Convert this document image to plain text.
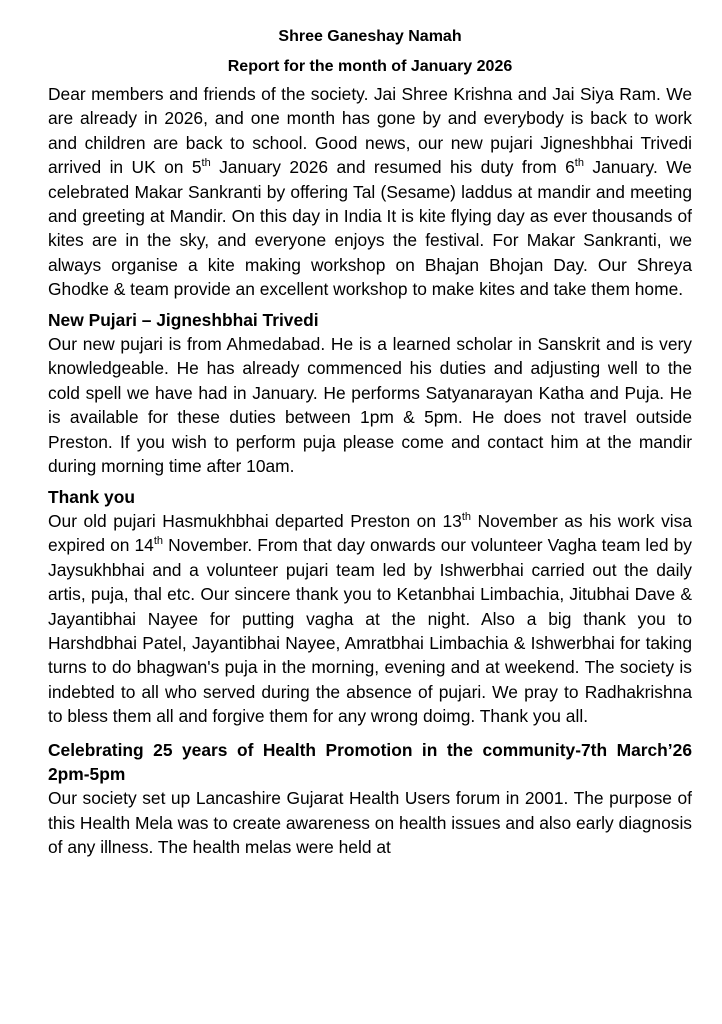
Shree Ganeshay Namah

Report for the month of January 2026

Dear members and friends of the society. Jai Shree Krishna and Jai Siya Ram. We are already in 2026, and one month has gone by and everybody is back to work and children are back to school. Good news, our new pujari Jigneshbhai Trivedi arrived in UK on 5th January 2026 and resumed his duty from 6th January. We celebrated Makar Sankranti by offering Tal (Sesame) laddus at mandir and meeting and greeting at Mandir. On this day in India It is kite flying day as ever thousands of kites are in the sky, and everyone enjoys the festival. For Makar Sankranti, we always organise a kite making workshop on Bhajan Bhojan Day. Our Shreya Ghodke & team provide an excellent workshop to make kites and take them home.

New Pujari – Jigneshbhai Trivedi

Our new pujari is from Ahmedabad. He is a learned scholar in Sanskrit and is very knowledgeable. He has already commenced his duties and adjusting well to the cold spell we have had in January. He performs Satyanarayan Katha and Puja. He is available for these duties between 1pm & 5pm. He does not travel outside Preston. If you wish to perform puja please come and contact him at the mandir during morning time after 10am.

Thank you

Our old pujari Hasmukhbhai departed Preston on 13th November as his work visa expired on 14th November. From that day onwards our volunteer Vagha team led by Jaysukhbhai and a volunteer pujari team led by Ishwerbhai carried out the daily artis, puja, thal etc. Our sincere thank you to Ketanbhai Limbachia, Jitubhai Dave & Jayantibhai Nayee for putting vagha at the night. Also a big thank you to Harshdbhai Patel, Jayantibhai Nayee, Amratbhai Limbachia & Ishwerbhai for taking turns to do bhagwan's puja in the morning, evening and at weekend. The society is indebted to all who served during the absence of pujari. We pray to Radhakrishna to bless them all and forgive them for any wrong doimg. Thank you all.

Celebrating 25 years of Health Promotion in the community-7th March’26 2pm-5pm

Our society set up Lancashire Gujarat Health Users forum in 2001. The purpose of this Health Mela was to create awareness on health issues and also early diagnosis of any illness. The health melas were held at
